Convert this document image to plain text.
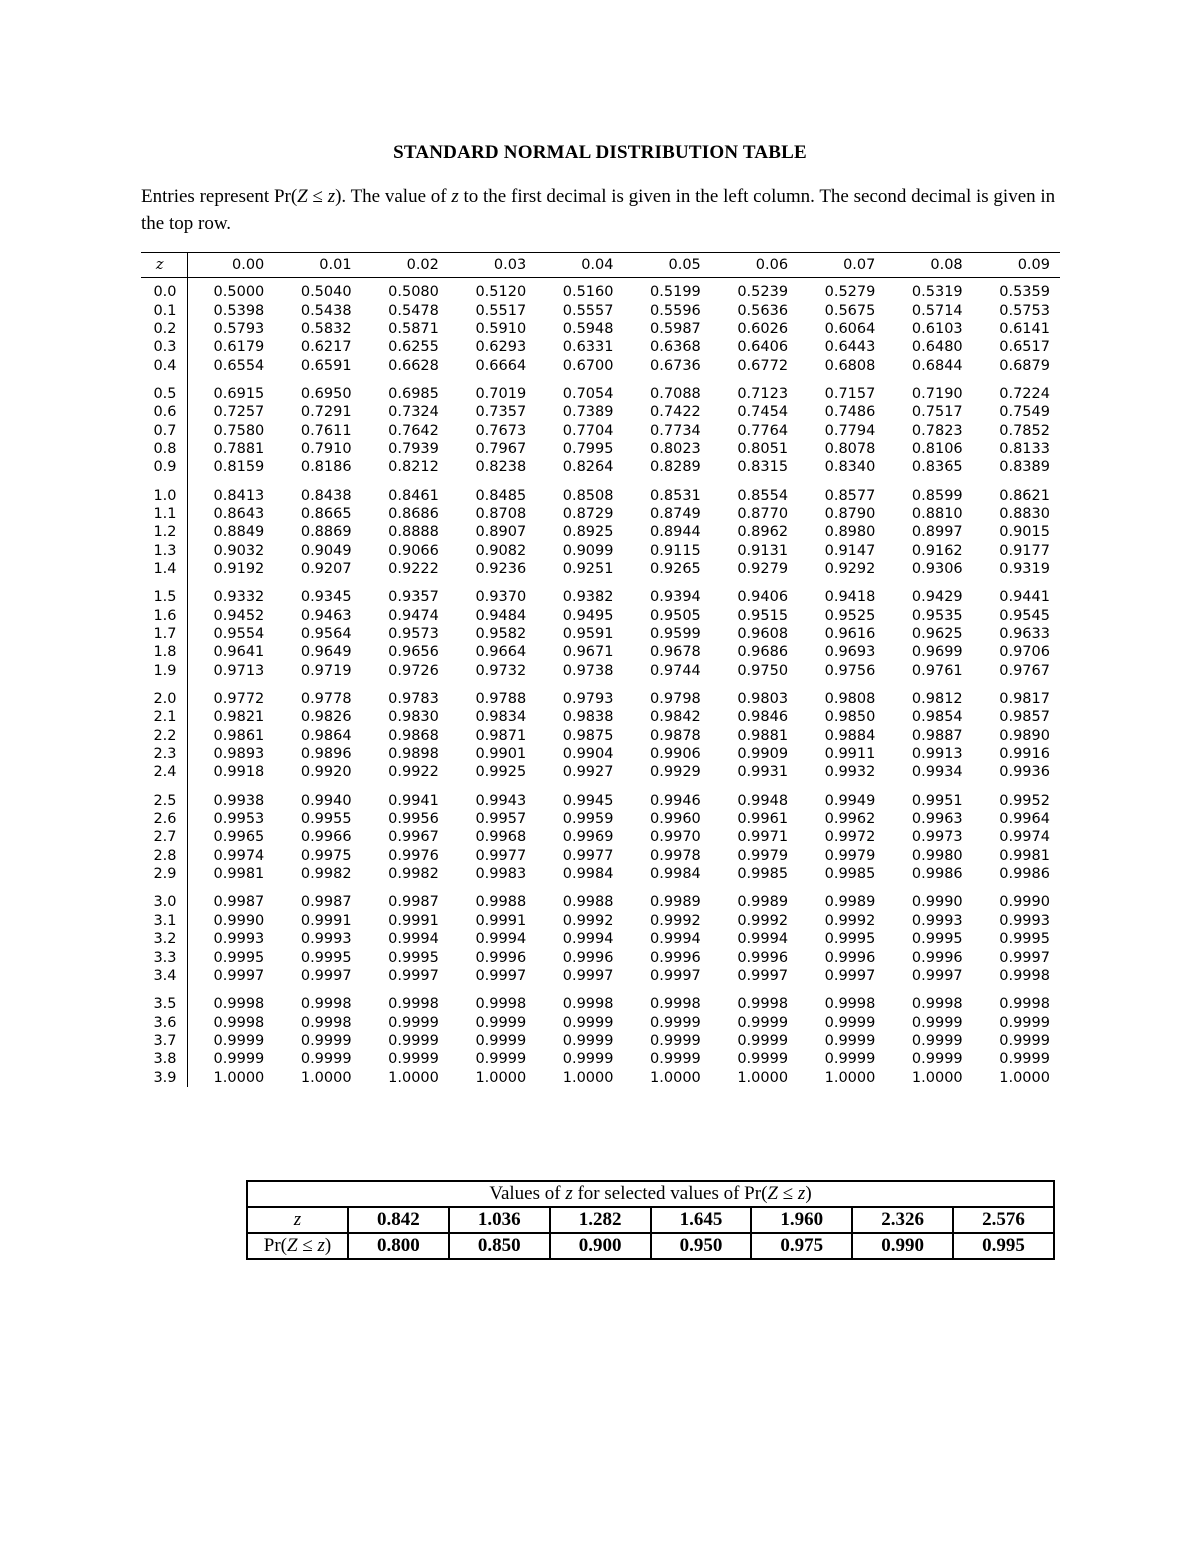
STANDARD NORMAL DISTRIBUTION TABLE
Entries represent Pr(Z ≤ z). The value of z to the first decimal is given in the left column. The second decimal is given in the top row.
z	0.00	0.01	0.02	0.03	0.04	0.05	0.06	0.07	0.08	0.09
0.0	0.5000	0.5040	0.5080	0.5120	0.5160	0.5199	0.5239	0.5279	0.5319	0.5359
0.1	0.5398	0.5438	0.5478	0.5517	0.5557	0.5596	0.5636	0.5675	0.5714	0.5753
0.2	0.5793	0.5832	0.5871	0.5910	0.5948	0.5987	0.6026	0.6064	0.6103	0.6141
0.3	0.6179	0.6217	0.6255	0.6293	0.6331	0.6368	0.6406	0.6443	0.6480	0.6517
0.4	0.6554	0.6591	0.6628	0.6664	0.6700	0.6736	0.6772	0.6808	0.6844	0.6879
0.5	0.6915	0.6950	0.6985	0.7019	0.7054	0.7088	0.7123	0.7157	0.7190	0.7224
0.6	0.7257	0.7291	0.7324	0.7357	0.7389	0.7422	0.7454	0.7486	0.7517	0.7549
0.7	0.7580	0.7611	0.7642	0.7673	0.7704	0.7734	0.7764	0.7794	0.7823	0.7852
0.8	0.7881	0.7910	0.7939	0.7967	0.7995	0.8023	0.8051	0.8078	0.8106	0.8133
0.9	0.8159	0.8186	0.8212	0.8238	0.8264	0.8289	0.8315	0.8340	0.8365	0.8389
1.0	0.8413	0.8438	0.8461	0.8485	0.8508	0.8531	0.8554	0.8577	0.8599	0.8621
1.1	0.8643	0.8665	0.8686	0.8708	0.8729	0.8749	0.8770	0.8790	0.8810	0.8830
1.2	0.8849	0.8869	0.8888	0.8907	0.8925	0.8944	0.8962	0.8980	0.8997	0.9015
1.3	0.9032	0.9049	0.9066	0.9082	0.9099	0.9115	0.9131	0.9147	0.9162	0.9177
1.4	0.9192	0.9207	0.9222	0.9236	0.9251	0.9265	0.9279	0.9292	0.9306	0.9319
1.5	0.9332	0.9345	0.9357	0.9370	0.9382	0.9394	0.9406	0.9418	0.9429	0.9441
1.6	0.9452	0.9463	0.9474	0.9484	0.9495	0.9505	0.9515	0.9525	0.9535	0.9545
1.7	0.9554	0.9564	0.9573	0.9582	0.9591	0.9599	0.9608	0.9616	0.9625	0.9633
1.8	0.9641	0.9649	0.9656	0.9664	0.9671	0.9678	0.9686	0.9693	0.9699	0.9706
1.9	0.9713	0.9719	0.9726	0.9732	0.9738	0.9744	0.9750	0.9756	0.9761	0.9767
2.0	0.9772	0.9778	0.9783	0.9788	0.9793	0.9798	0.9803	0.9808	0.9812	0.9817
2.1	0.9821	0.9826	0.9830	0.9834	0.9838	0.9842	0.9846	0.9850	0.9854	0.9857
2.2	0.9861	0.9864	0.9868	0.9871	0.9875	0.9878	0.9881	0.9884	0.9887	0.9890
2.3	0.9893	0.9896	0.9898	0.9901	0.9904	0.9906	0.9909	0.9911	0.9913	0.9916
2.4	0.9918	0.9920	0.9922	0.9925	0.9927	0.9929	0.9931	0.9932	0.9934	0.9936
2.5	0.9938	0.9940	0.9941	0.9943	0.9945	0.9946	0.9948	0.9949	0.9951	0.9952
2.6	0.9953	0.9955	0.9956	0.9957	0.9959	0.9960	0.9961	0.9962	0.9963	0.9964
2.7	0.9965	0.9966	0.9967	0.9968	0.9969	0.9970	0.9971	0.9972	0.9973	0.9974
2.8	0.9974	0.9975	0.9976	0.9977	0.9977	0.9978	0.9979	0.9979	0.9980	0.9981
2.9	0.9981	0.9982	0.9982	0.9983	0.9984	0.9984	0.9985	0.9985	0.9986	0.9986
3.0	0.9987	0.9987	0.9987	0.9988	0.9988	0.9989	0.9989	0.9989	0.9990	0.9990
3.1	0.9990	0.9991	0.9991	0.9991	0.9992	0.9992	0.9992	0.9992	0.9993	0.9993
3.2	0.9993	0.9993	0.9994	0.9994	0.9994	0.9994	0.9994	0.9995	0.9995	0.9995
3.3	0.9995	0.9995	0.9995	0.9996	0.9996	0.9996	0.9996	0.9996	0.9996	0.9997
3.4	0.9997	0.9997	0.9997	0.9997	0.9997	0.9997	0.9997	0.9997	0.9997	0.9998
3.5	0.9998	0.9998	0.9998	0.9998	0.9998	0.9998	0.9998	0.9998	0.9998	0.9998
3.6	0.9998	0.9998	0.9999	0.9999	0.9999	0.9999	0.9999	0.9999	0.9999	0.9999
3.7	0.9999	0.9999	0.9999	0.9999	0.9999	0.9999	0.9999	0.9999	0.9999	0.9999
3.8	0.9999	0.9999	0.9999	0.9999	0.9999	0.9999	0.9999	0.9999	0.9999	0.9999
3.9	1.0000	1.0000	1.0000	1.0000	1.0000	1.0000	1.0000	1.0000	1.0000	1.0000
Values of z for selected values of Pr(Z ≤ z)							
z	0.842	1.036	1.282	1.645	1.960	2.326	2.576
Pr(Z ≤ z)	0.800	0.850	0.900	0.950	0.975	0.990	0.995
